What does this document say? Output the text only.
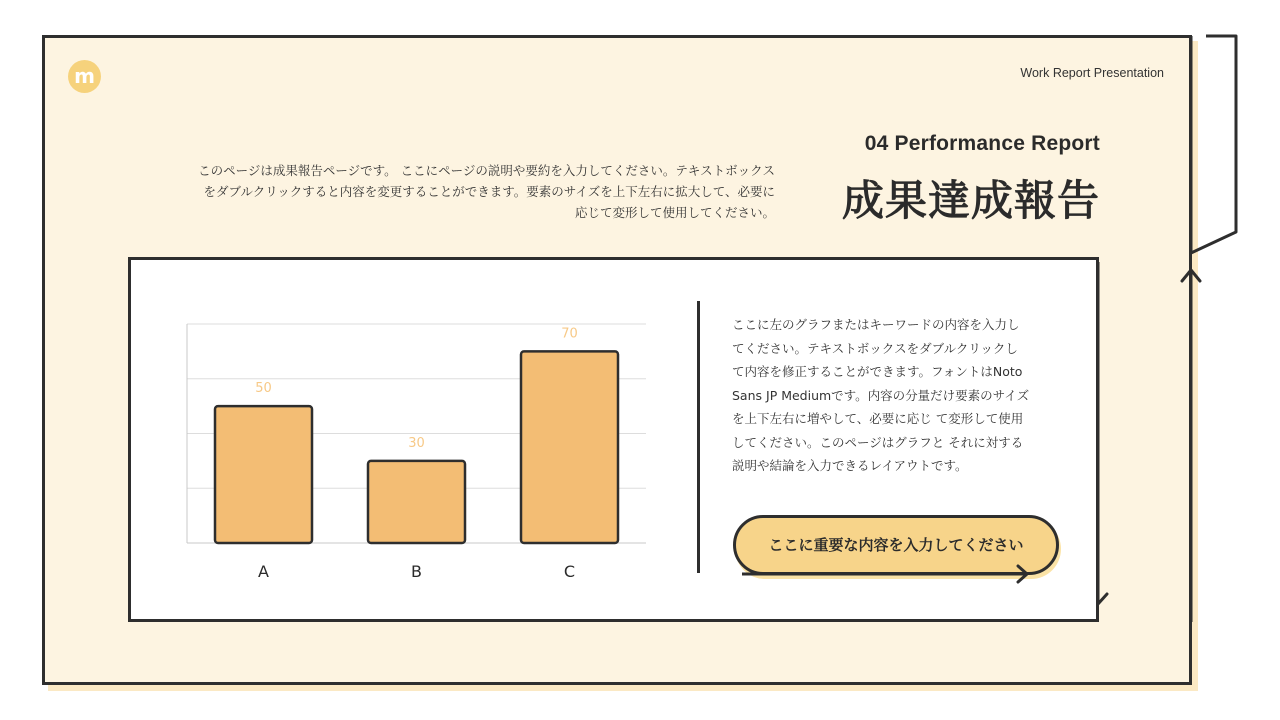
m	Work Report Presentation
04 Performance Report
成果達成報告
このページは成果報告ページです。 ここにページの説明や要約を入力してください。テキストボックス
をダブルクリックすると内容を変更することができます。要素のサイズを上下左右に拡大して、必要に
応じて変形して使用してください。
50
A
30
B
70
C
ここに左のグラフまたはキーワードの内容を入力し
てください。テキストボックスをダブルクリックし
て内容を修正することができます。フォントはNoto
Sans JP Mediumです。内容の分量だけ要素のサイズ
を上下左右に増やして、必要に応じ て変形して使用
してください。このページはグラフと それに対する
説明や結論を入力できるレイアウトです。
ここに重要な内容を入力してください
